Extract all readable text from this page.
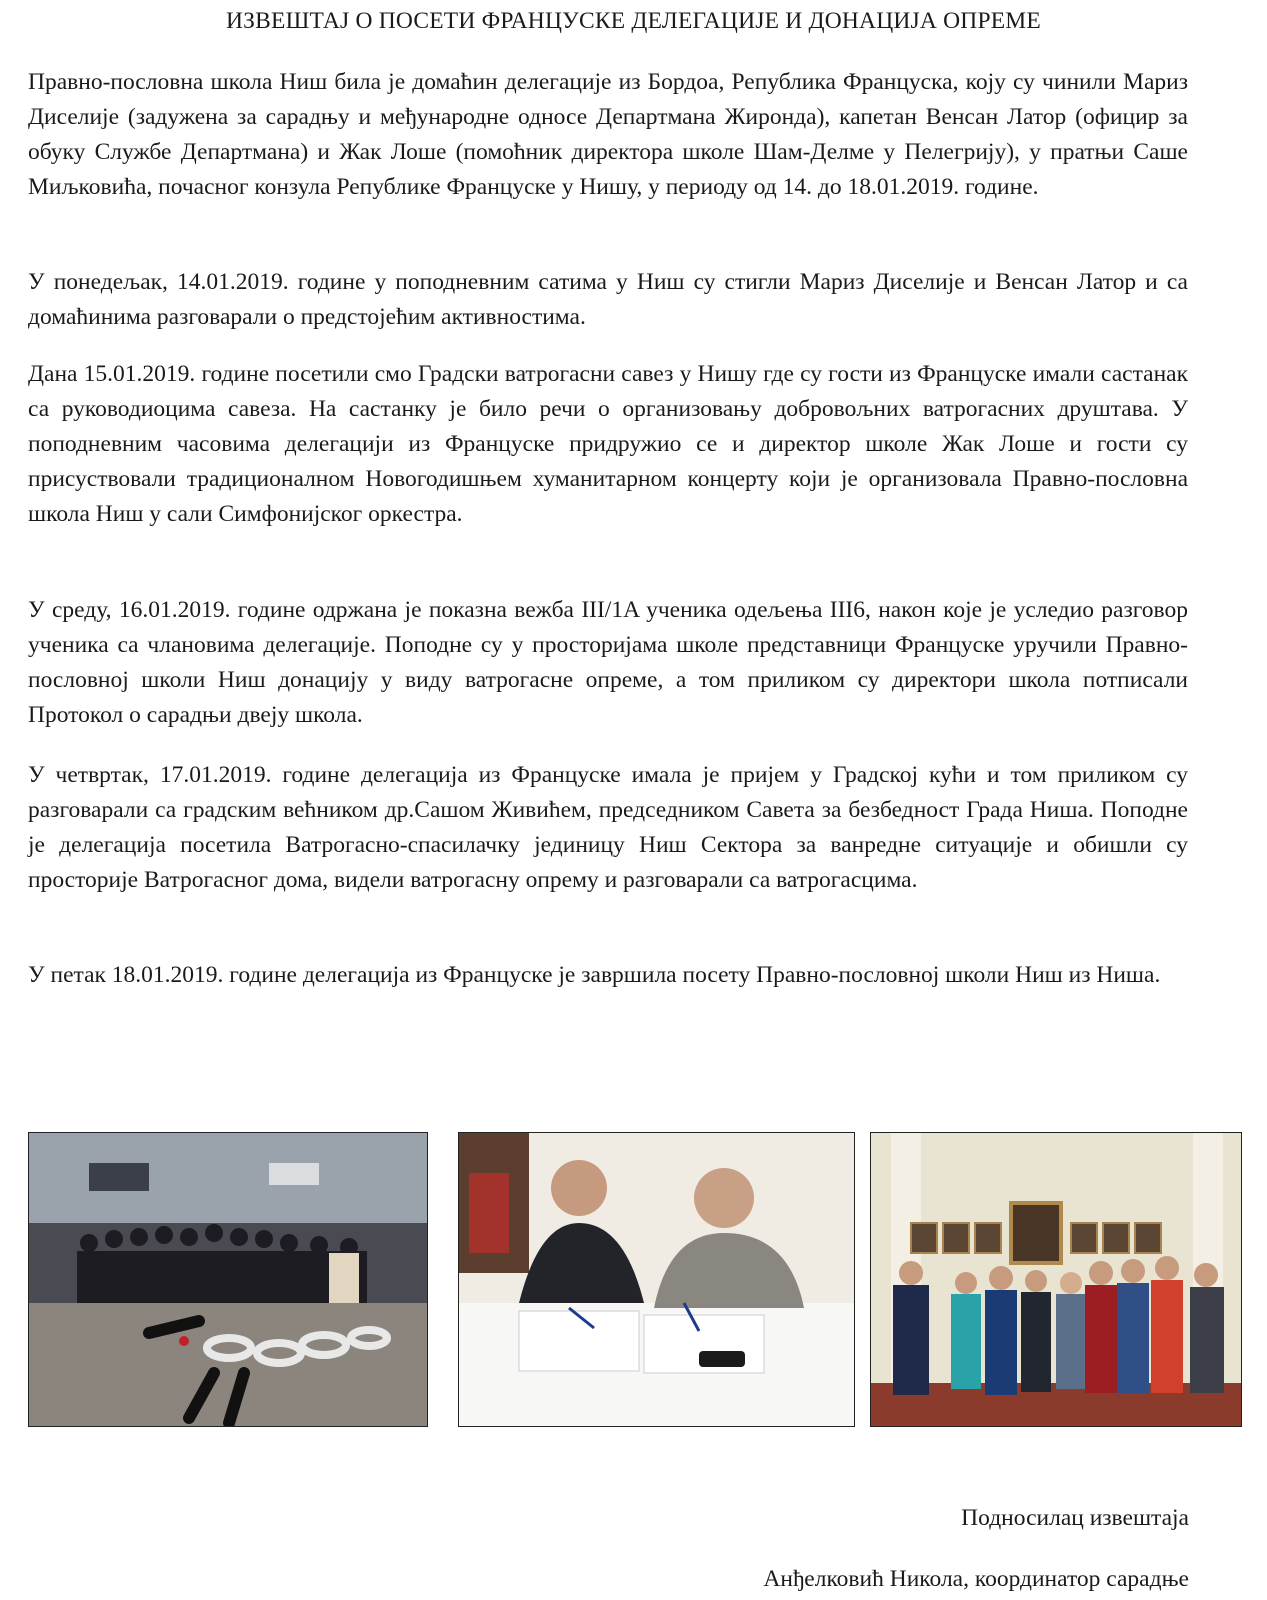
ИЗВЕШТАЈ О ПОСЕТИ ФРАНЦУСКЕ ДЕЛЕГАЦИЈЕ И ДОНАЦИЈА ОПРЕМЕ

Правно-пословна школа Ниш била је домаћин делегације из Бордоа, Република Француска, коју су чинили Мариз Диселије (задужена за сарадњу и међународне односе Департмана Жиронда), капетан Венсан Латор (официр за обуку Службе Департмана) и Жак Лоше (помоћник директора школе Шам-Делме у Пелегрију), у пратњи Саше Миљковића, почасног конзула Републике Француске у Нишу, у периоду од 14. до 18.01.2019. године.

У понедељак, 14.01.2019. године у поподневним сатима у Ниш су стигли Мариз Диселије и Венсан Латор и са домаћинима разговарали о предстојећим активностима.

Дана 15.01.2019. године посетили смо Градски ватрогасни савез у Нишу где су гости из Француске имали састанак са руководиоцима савеза. На састанку је било речи о организовању добровољних ватрогасних друштава. У поподневним часовима делегацији из Француске придружио се и директор школе Жак Лоше и гости су присуствовали традиционалном Новогодишњем хуманитарном концерту који је организовала Правно-пословна школа Ниш у сали Симфонијског оркестра.

У среду, 16.01.2019. године одржана је показна вежба III/1A ученика одељења III6, након које је уследио разговор ученика са члановима делегације. Поподне су у просторијама школе представници Француске уручили Правно-пословној школи Ниш донацију у виду ватрогасне опреме, а том приликом су директори школа потписали Протокол о сарадњи двеју школа.

У четвртак, 17.01.2019. године делегација из Француске имала је пријем у Градској кући и том приликом су разговарали са градским већником др.Сашом Живићем, председником Савета за безбедност Града Ниша. Поподне је делегација посетила Ватрогасно-спасилачку јединицу Ниш Сектора за ванредне ситуације и обишли су просторије Ватрогасног дома, видели ватрогасну опрему и разговарали са ватрогасцима.

У петак 18.01.2019. године делегација из Француске је завршила посету Правно-пословној школи Ниш из Ниша.

Подносилац извештаја
Анђелковић Никола, координатор сарадње
